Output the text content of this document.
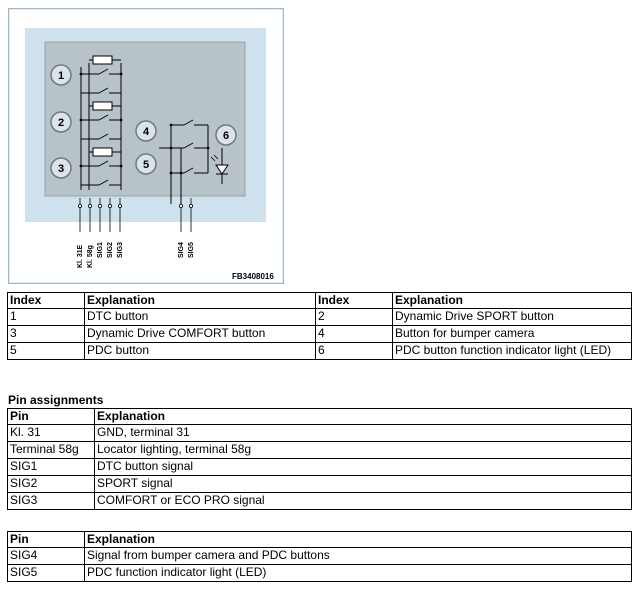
1
2
3
4
5
6
Kl. 31E Kl. 58g SIG1 SIG2 SIG3	SIG4 SIG5
FB3408016
Index	Explanation	Index	Explanation
1	DTC button	2	Dynamic Drive SPORT button
3	Dynamic Drive COMFORT button	4	Button for bumper camera
5	PDC button	6	PDC button function indicator light (LED)

Pin assignments

Pin	Explanation
Kl. 31	GND, terminal 31
Terminal 58g	Locator lighting, terminal 58g
SIG1	DTC button signal
SIG2	SPORT signal
SIG3	COMFORT or ECO PRO signal
Pin	Explanation
SIG4	Signal from bumper camera and PDC buttons
SIG5	PDC function indicator light (LED)
